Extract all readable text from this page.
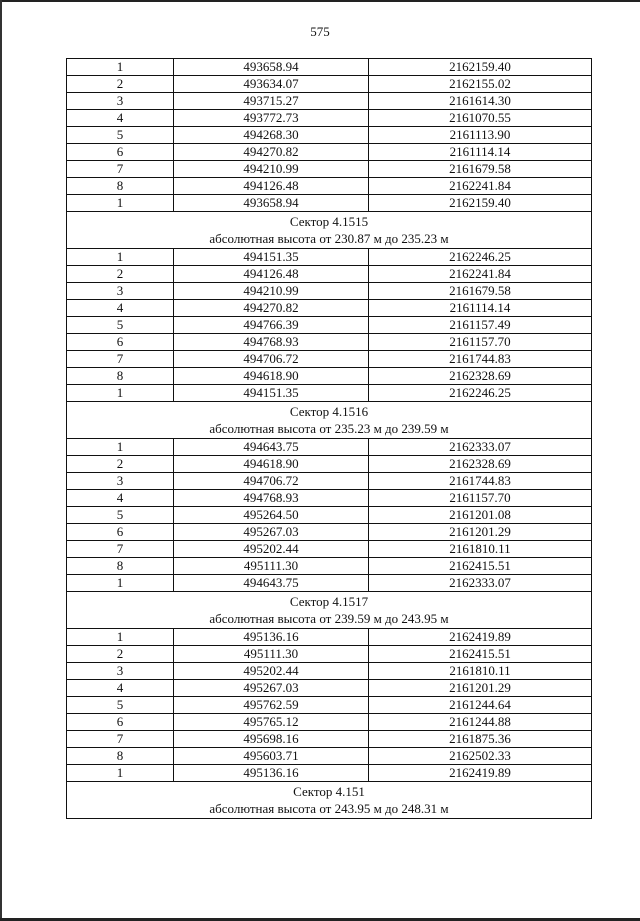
575
1	493658.94	2162159.40
2	493634.07	2162155.02
3	493715.27	2161614.30
4	493772.73	2161070.55
5	494268.30	2161113.90
6	494270.82	2161114.14
7	494210.99	2161679.58
8	494126.48	2162241.84
1	493658.94	2162159.40

Сектор 4.1515
абсолютная высота от 230.87 м до 235.23 м		

1	494151.35	2162246.25
2	494126.48	2162241.84
3	494210.99	2161679.58
4	494270.82	2161114.14
5	494766.39	2161157.49
6	494768.93	2161157.70
7	494706.72	2161744.83
8	494618.90	2162328.69
1	494151.35	2162246.25

Сектор 4.1516
абсолютная высота от 235.23 м до 239.59 м		

1	494643.75	2162333.07
2	494618.90	2162328.69
3	494706.72	2161744.83
4	494768.93	2161157.70
5	495264.50	2161201.08
6	495267.03	2161201.29
7	495202.44	2161810.11
8	495111.30	2162415.51
1	494643.75	2162333.07

Сектор 4.1517
абсолютная высота от 239.59 м до 243.95 м		

1	495136.16	2162419.89
2	495111.30	2162415.51
3	495202.44	2161810.11
4	495267.03	2161201.29
5	495762.59	2161244.64
6	495765.12	2161244.88
7	495698.16	2161875.36
8	495603.71	2162502.33
1	495136.16	2162419.89

Сектор 4.151
абсолютная высота от 243.95 м до 248.31 м		
